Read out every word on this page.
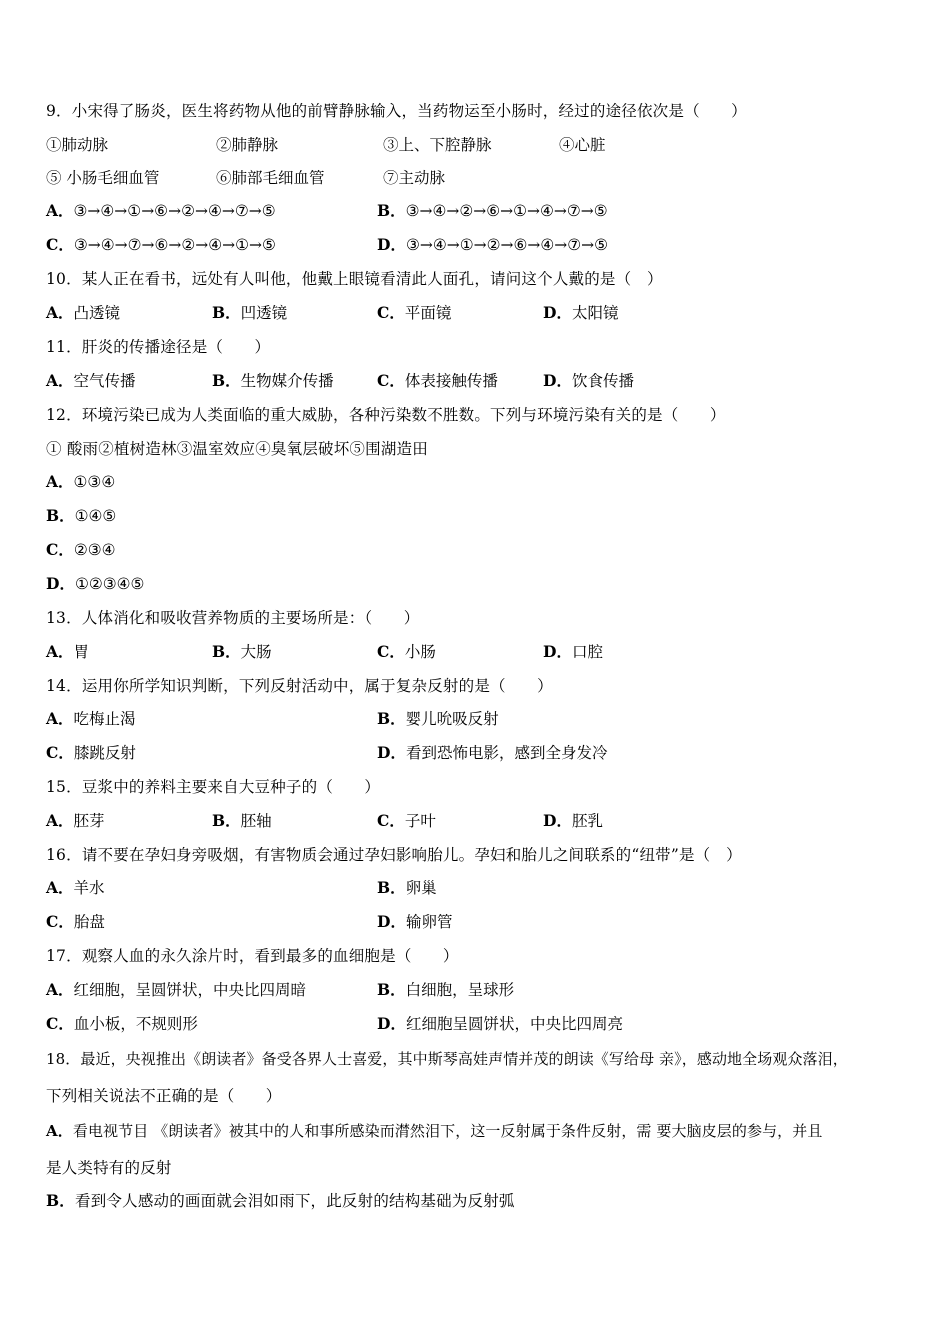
9．小宋得了肠炎，医生将药物从他的前臂静脉输入，当药物运至小肠时，经过的途径依次是（　　）
①肺动脉	②肺静脉	③上、下腔静脉	④心脏
⑤ 小肠毛细血管	⑥肺部毛细血管	⑦主动脉
A．③→④→①→⑥→②→④→⑦→⑤	B．③→④→②→⑥→①→④→⑦→⑤
C．③→④→⑦→⑥→②→④→①→⑤	D．③→④→①→②→⑥→④→⑦→⑤
10．某人正在看书，远处有人叫他，他戴上眼镜看清此人面孔，请问这个人戴的是（　）
A．凸透镜	B．凹透镜	C．平面镜	D．太阳镜
11．肝炎的传播途径是（　　）
A．空气传播	B．生物媒介传播	C．体表接触传播	D．饮食传播
12．环境污染已成为人类面临的重大威胁，各种污染数不胜数。下列与环境污染有关的是（　　）
① 酸雨②植树造林③温室效应④臭氧层破坏⑤围湖造田
A．①③④
B．①④⑤
C．②③④
D．①②③④⑤
13．人体消化和吸收营养物质的主要场所是：（　　）
A．胃	B．大肠	C．小肠	D．口腔
14．运用你所学知识判断，下列反射活动中，属于复杂反射的是（　　）
A．吃梅止渴	B．婴儿吮吸反射
C．膝跳反射	D．看到恐怖电影，感到全身发冷
15．豆浆中的养料主要来自大豆种子的（　　）
A．胚芽	B．胚轴	C．子叶	D．胚乳
16．请不要在孕妇身旁吸烟，有害物质会通过孕妇影响胎儿。孕妇和胎儿之间联系的“纽带”是（　）
A．羊水	B．卵巢
C．胎盘	D．输卵管
17．观察人血的永久涂片时，看到最多的血细胞是（　　）
A．红细胞，呈圆饼状，中央比四周暗	B．白细胞，呈球形
C．血小板，不规则形	D．红细胞呈圆饼状，中央比四周亮
18．最近，央视推出《朗读者》备受各界人士喜爱，其中斯琴高娃声情并茂的朗读《写给母 亲》，感动地全场观众落泪，
下列相关说法不正确的是（　　）
A．看电视节目 《朗读者》被其中的人和事所感染而潸然泪下，这一反射属于条件反射，需 要大脑皮层的参与，并且
是人类特有的反射
B．看到令人感动的画面就会泪如雨下，此反射的结构基础为反射弧
